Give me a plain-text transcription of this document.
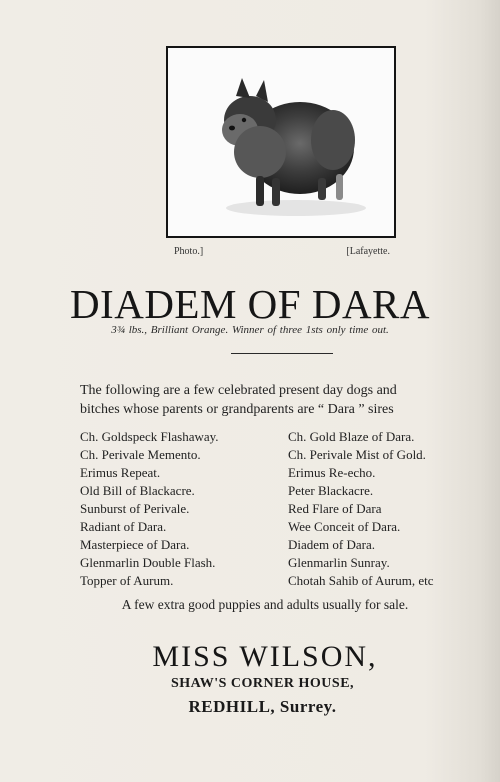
Photo.]	[Lafayette.
DIADEM OF DARA
3¾ lbs., Brilliant Orange. Winner of three 1sts only time out.
The following are a few celebrated present day dogs and
bitches whose parents or grandparents are “ Dara ” sires
Ch. Goldspeck Flashaway.	Ch. Gold Blaze of Dara.
Ch. Perivale Memento.	Ch. Perivale Mist of Gold.
Erimus Repeat.	Erimus Re-echo.
Old Bill of Blackacre.	Peter Blackacre.
Sunburst of Perivale.	Red Flare of Dara
Radiant of Dara.	Wee Conceit of Dara.
Masterpiece of Dara.	Diadem of Dara.
Glenmarlin Double Flash.	Glenmarlin Sunray.
Topper of Aurum.	Chotah Sahib of Aurum, etc
A few extra good puppies and adults usually for sale.
MISS WILSON,
SHAW'S CORNER HOUSE,
REDHILL, Surrey.
